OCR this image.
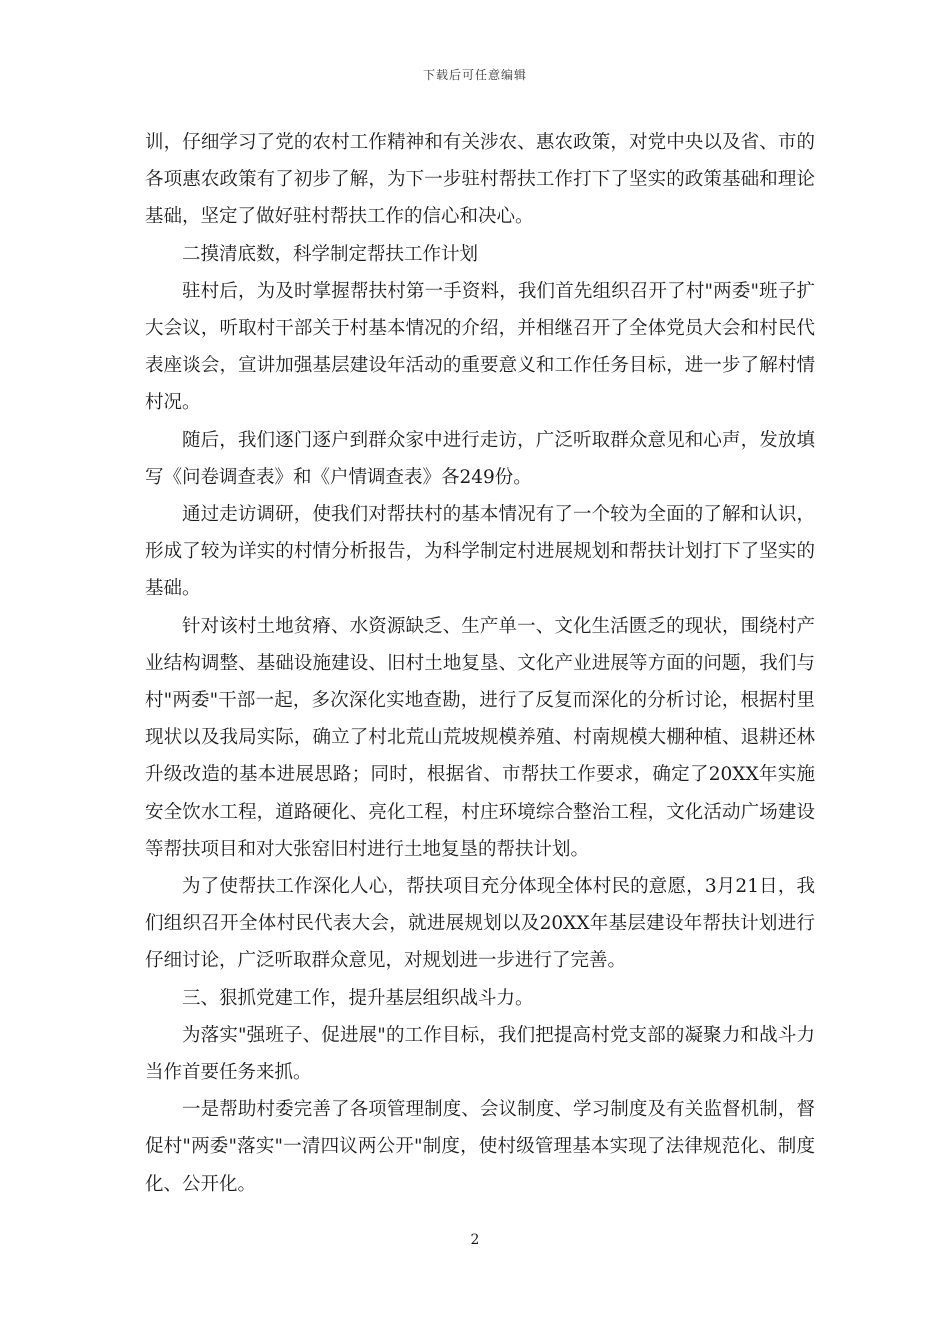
下载后可任意编辑

训，仔细学习了党的农村工作精神和有关涉农、惠农政策，对党中央以及省、市的各项惠农政策有了初步了解，为下一步驻村帮扶工作打下了坚实的政策基础和理论基础，坚定了做好驻村帮扶工作的信心和决心。

二摸清底数，科学制定帮扶工作计划

驻村后，为及时掌握帮扶村第一手资料，我们首先组织召开了村"两委"班子扩大会议，听取村干部关于村基本情况的介绍，并相继召开了全体党员大会和村民代表座谈会，宣讲加强基层建设年活动的重要意义和工作任务目标，进一步了解村情村况。

随后，我们逐门逐户到群众家中进行走访，广泛听取群众意见和心声，发放填写《问卷调查表》和《户情调查表》各249份。

通过走访调研，使我们对帮扶村的基本情况有了一个较为全面的了解和认识，形成了较为详实的村情分析报告，为科学制定村进展规划和帮扶计划打下了坚实的基础。

针对该村土地贫瘠、水资源缺乏、生产单一、文化生活匮乏的现状，围绕村产业结构调整、基础设施建设、旧村土地复垦、文化产业进展等方面的问题，我们与村"两委"干部一起，多次深化实地查勘，进行了反复而深化的分析讨论，根据村里现状以及我局实际，确立了村北荒山荒坡规模养殖、村南规模大棚种植、退耕还林升级改造的基本进展思路；同时，根据省、市帮扶工作要求，确定了20XX年实施安全饮水工程，道路硬化、亮化工程，村庄环境综合整治工程，文化活动广场建设等帮扶项目和对大张窑旧村进行土地复垦的帮扶计划。

为了使帮扶工作深化人心，帮扶项目充分体现全体村民的意愿，3月21日，我们组织召开全体村民代表大会，就进展规划以及20XX年基层建设年帮扶计划进行仔细讨论，广泛听取群众意见，对规划进一步进行了完善。

三、狠抓党建工作，提升基层组织战斗力。

为落实"强班子、促进展"的工作目标，我们把提高村党支部的凝聚力和战斗力当作首要任务来抓。

一是帮助村委完善了各项管理制度、会议制度、学习制度及有关监督机制，督促村"两委"落实"一清四议两公开"制度，使村级管理基本实现了法律规范化、制度化、公开化。

2
